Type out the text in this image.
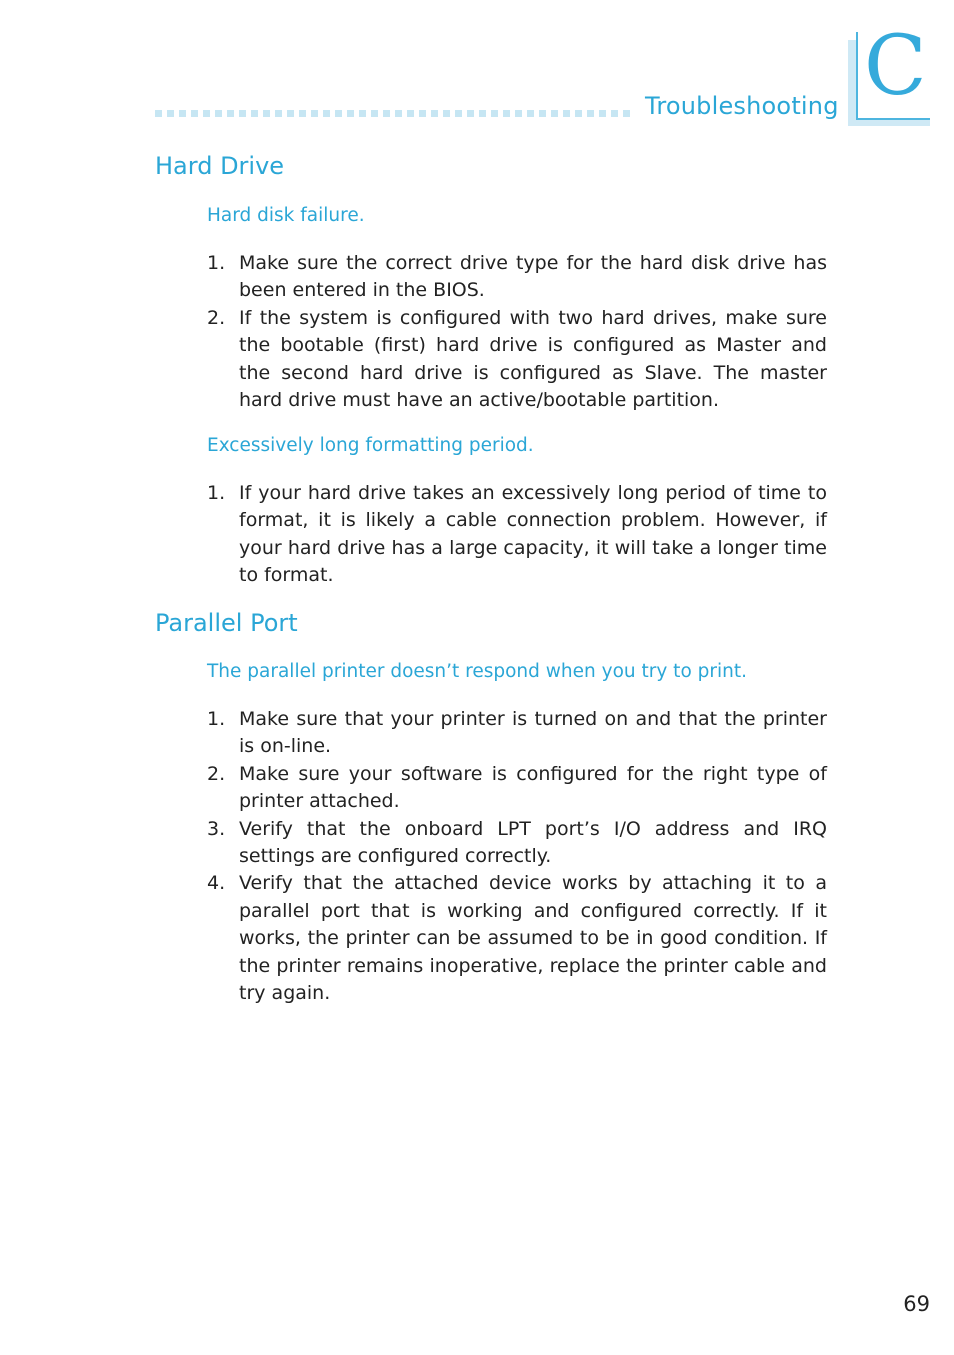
Troubleshooting C
Hard Drive
Hard disk failure.
1. Make sure the correct drive type for the hard disk drive has been entered in the BIOS.
2. If the system is configured with two hard drives, make sure the bootable (first) hard drive is configured as Master and the second hard drive is configured as Slave. The master hard drive must have an active/bootable partition.
Excessively long formatting period.
1. If your hard drive takes an excessively long period of time to format, it is likely a cable connection problem. However, if your hard drive has a large capacity, it will take a longer time to format.
Parallel Port
The parallel printer doesn’t respond when you try to print.
1. Make sure that your printer is turned on and that the printer is on-line.
2. Make sure your software is configured for the right type of printer attached.
3. Verify that the onboard LPT port’s I/O address and IRQ settings are configured correctly.
4. Verify that the attached device works by attaching it to a parallel port that is working and configured correctly. If it works, the printer can be assumed to be in good condition. If the printer remains inoperative, replace the printer cable and try again.
69
